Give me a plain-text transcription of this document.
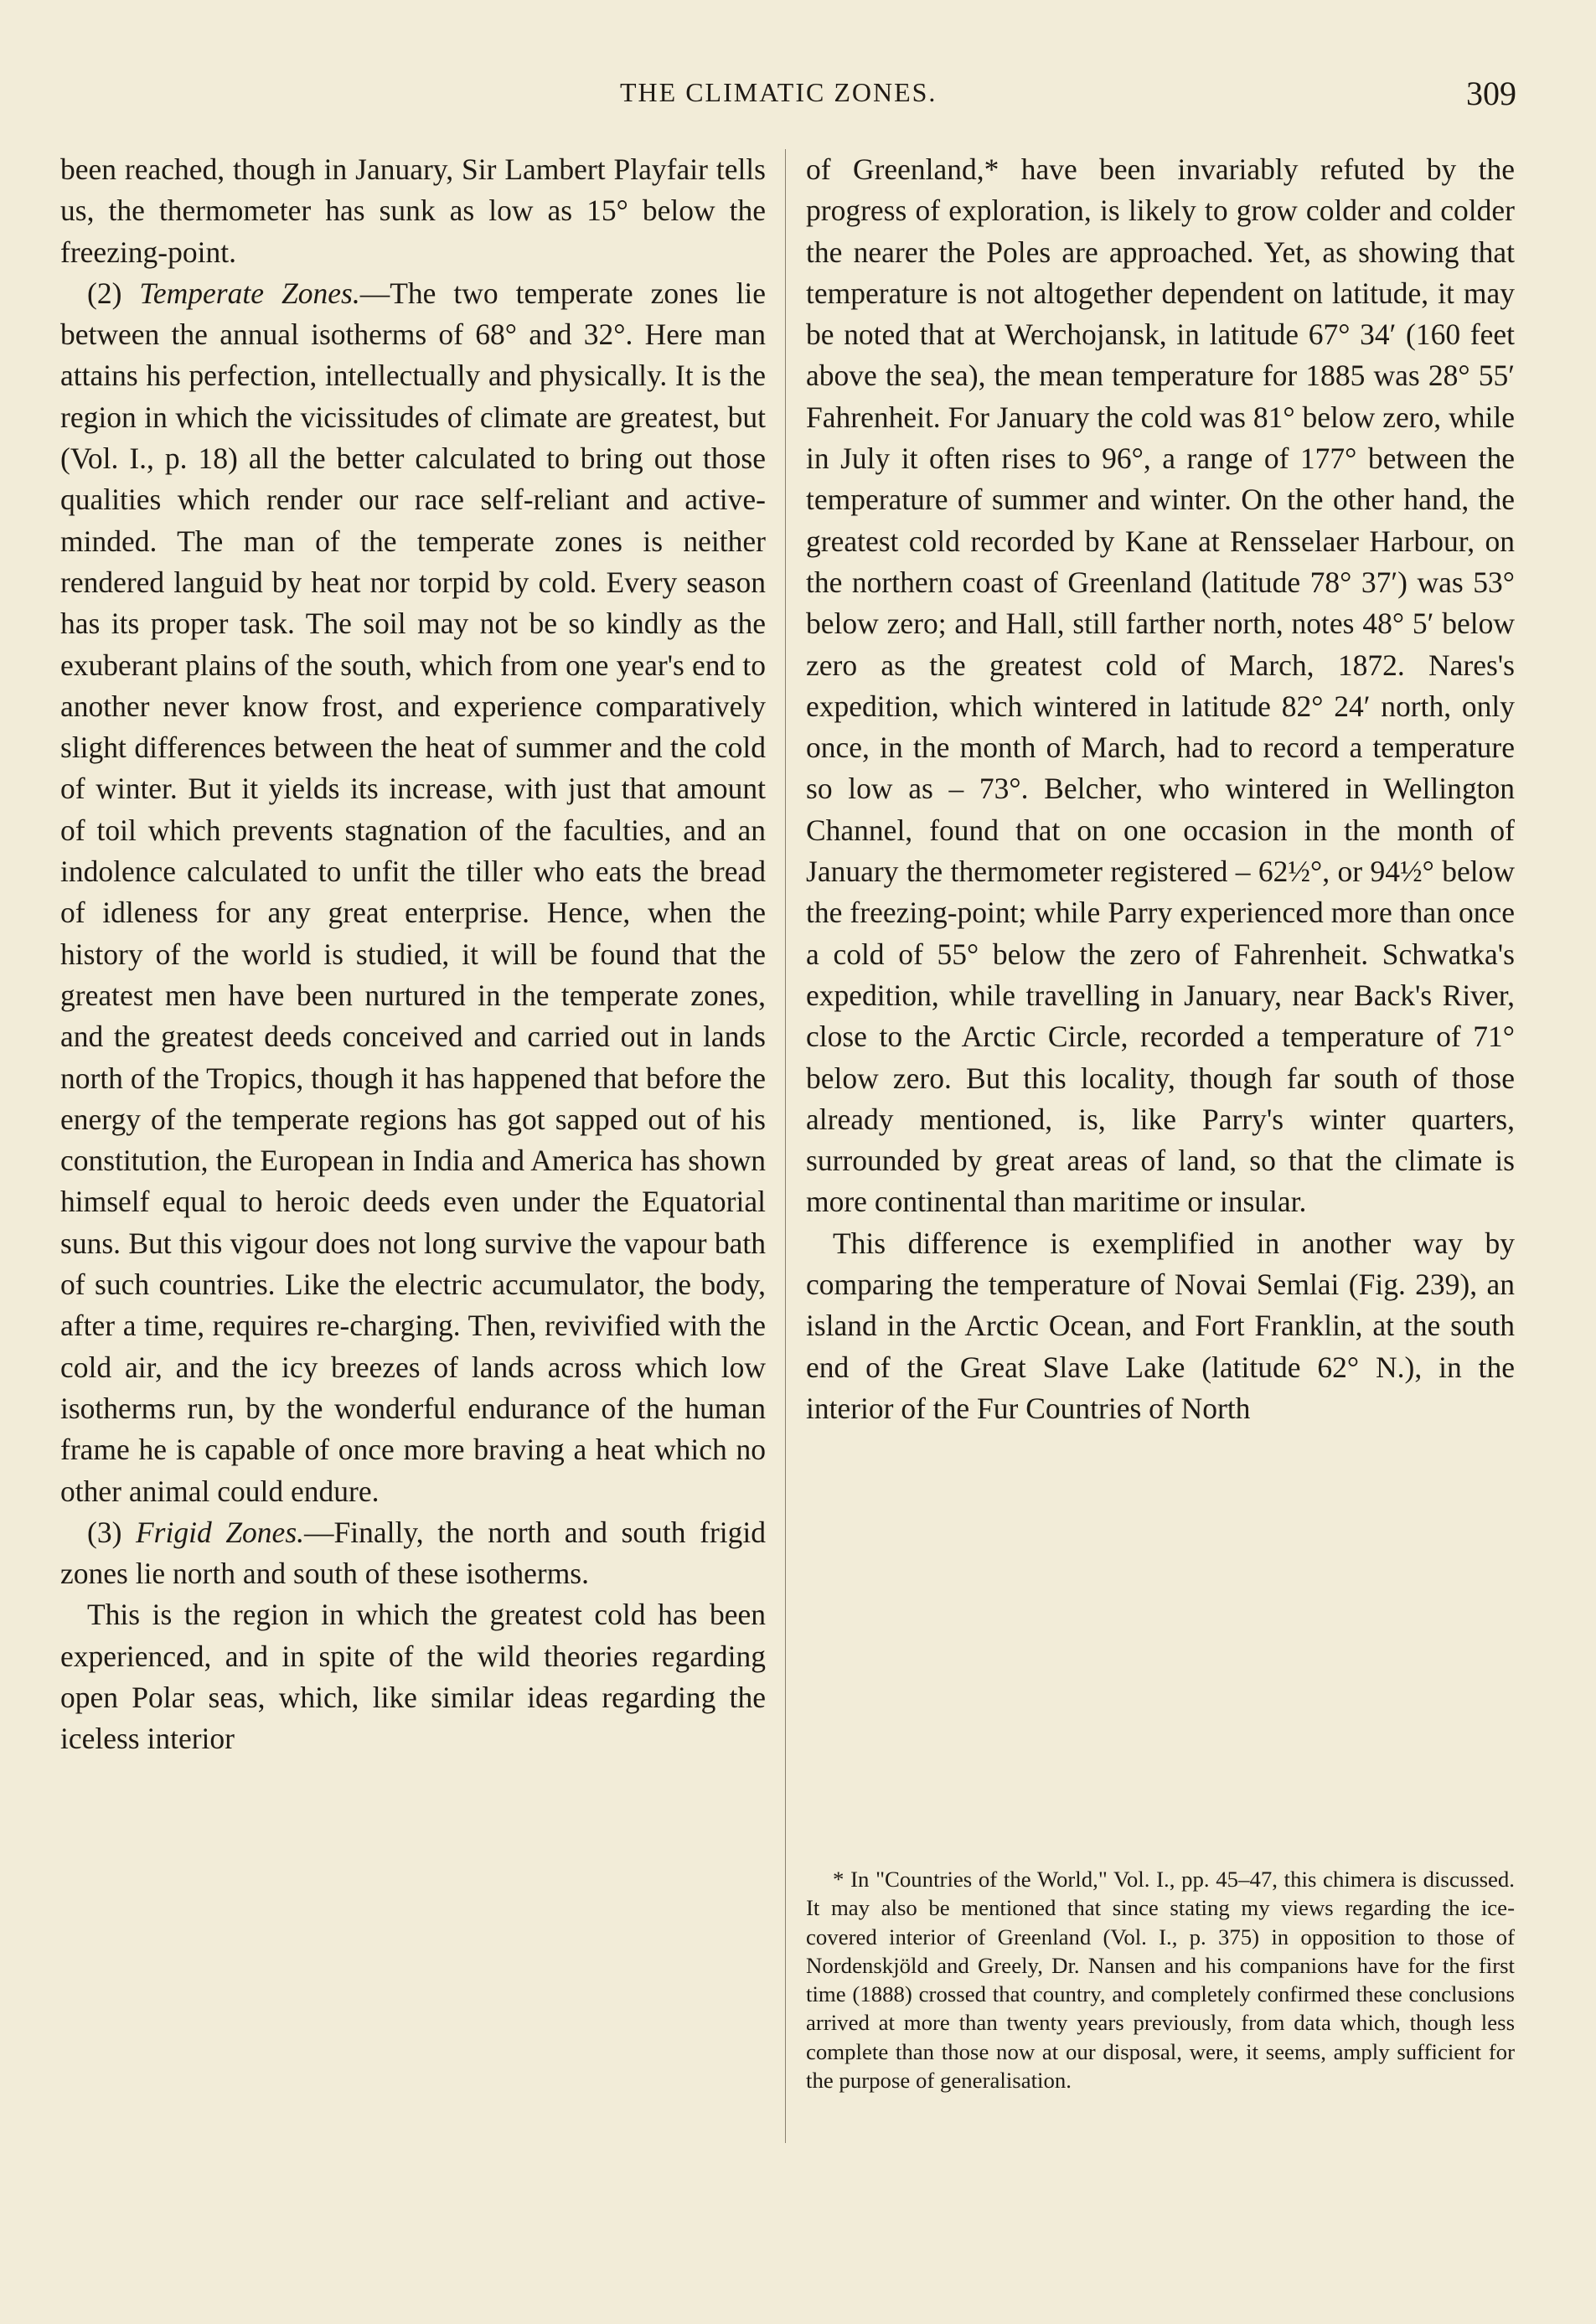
THE CLIMATIC ZONES.	309

been reached, though in January, Sir Lambert Playfair tells us, the thermometer has sunk as low as 15° below the freezing-point.

(2) Temperate Zones.—The two temperate zones lie between the annual isotherms of 68° and 32°. Here man attains his perfection, intellectually and physically. It is the region in which the vicissitudes of climate are greatest, but (Vol. I., p. 18) all the better calculated to bring out those qualities which render our race self-reliant and active-minded. The man of the temperate zones is neither rendered languid by heat nor torpid by cold. Every season has its proper task. The soil may not be so kindly as the exuberant plains of the south, which from one year's end to another never know frost, and experience comparatively slight differences between the heat of summer and the cold of winter. But it yields its increase, with just that amount of toil which prevents stagnation of the faculties, and an indolence calculated to unfit the tiller who eats the bread of idleness for any great enterprise. Hence, when the history of the world is studied, it will be found that the greatest men have been nurtured in the temperate zones, and the greatest deeds conceived and carried out in lands north of the Tropics, though it has happened that before the energy of the temperate regions has got sapped out of his constitution, the European in India and America has shown himself equal to heroic deeds even under the Equatorial suns. But this vigour does not long survive the vapour bath of such countries. Like the electric accumulator, the body, after a time, requires re-charging. Then, revivified with the cold air, and the icy breezes of lands across which low isotherms run, by the wonderful endurance of the human frame he is capable of once more braving a heat which no other animal could endure.

(3) Frigid Zones.—Finally, the north and south frigid zones lie north and south of these isotherms.

This is the region in which the greatest cold has been experienced, and in spite of the wild theories regarding open Polar seas, which, like similar ideas regarding the iceless interior

of Greenland,* have been invariably refuted by the progress of exploration, is likely to grow colder and colder the nearer the Poles are approached. Yet, as showing that temperature is not altogether dependent on latitude, it may be noted that at Werchojansk, in latitude 67° 34′ (160 feet above the sea), the mean temperature for 1885 was 28° 55′ Fahrenheit. For January the cold was 81° below zero, while in July it often rises to 96°, a range of 177° between the temperature of summer and winter. On the other hand, the greatest cold recorded by Kane at Rensselaer Harbour, on the northern coast of Greenland (latitude 78° 37′) was 53° below zero; and Hall, still farther north, notes 48° 5′ below zero as the greatest cold of March, 1872. Nares's expedition, which wintered in latitude 82° 24′ north, only once, in the month of March, had to record a temperature so low as – 73°. Belcher, who wintered in Wellington Channel, found that on one occasion in the month of January the thermometer registered – 62½°, or 94½° below the freezing-point; while Parry experienced more than once a cold of 55° below the zero of Fahrenheit. Schwatka's expedition, while travelling in January, near Back's River, close to the Arctic Circle, recorded a temperature of 71° below zero. But this locality, though far south of those already mentioned, is, like Parry's winter quarters, surrounded by great areas of land, so that the climate is more continental than maritime or insular.

This difference is exemplified in another way by comparing the temperature of Novai Semlai (Fig. 239), an island in the Arctic Ocean, and Fort Franklin, at the south end of the Great Slave Lake (latitude 62° N.), in the interior of the Fur Countries of North

* In "Countries of the World," Vol. I., pp. 45–47, this chimera is discussed. It may also be mentioned that since stating my views regarding the ice-covered interior of Greenland (Vol. I., p. 375) in opposition to those of Nordenskjöld and Greely, Dr. Nansen and his companions have for the first time (1888) crossed that country, and completely confirmed these conclusions arrived at more than twenty years previously, from data which, though less complete than those now at our disposal, were, it seems, amply sufficient for the purpose of generalisation.
